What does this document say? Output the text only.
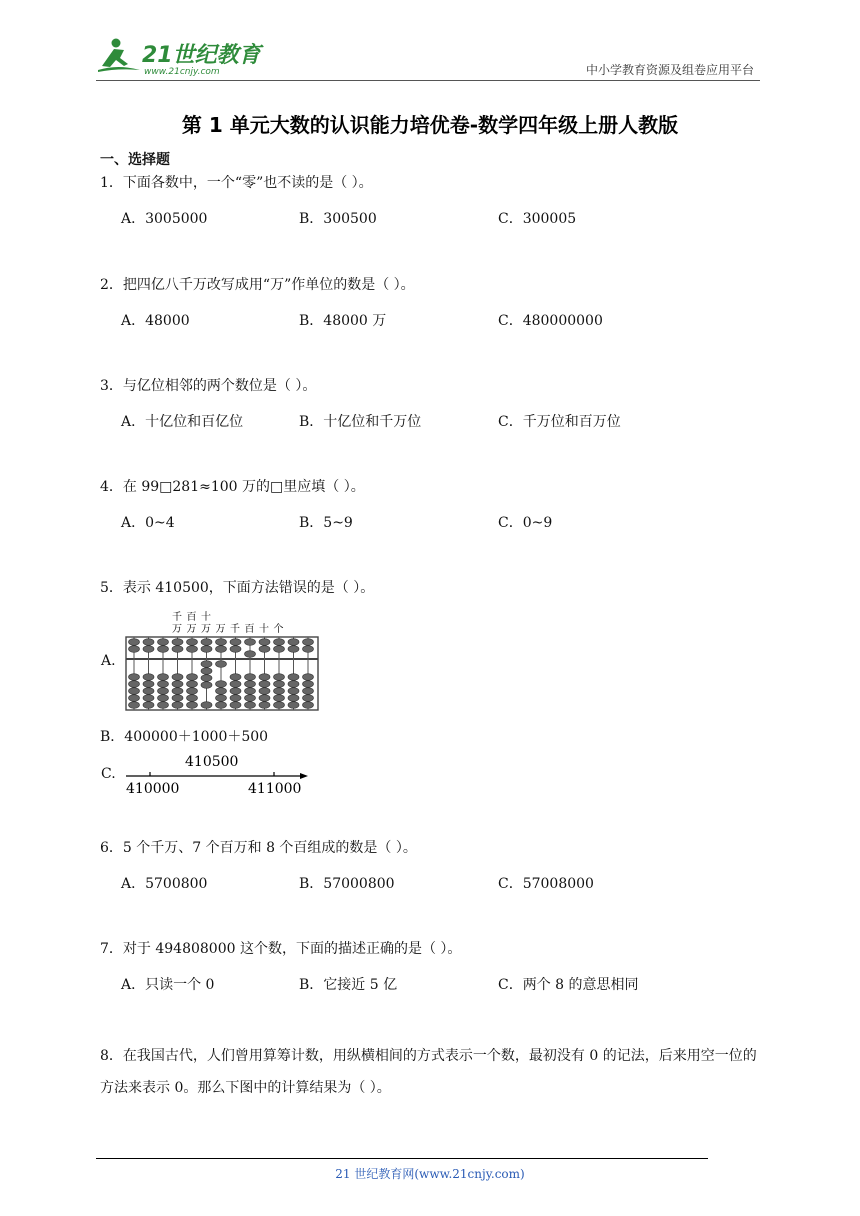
21世纪教育
www.21cnjy.com	中小学教育资源及组卷应用平台
第 1 单元大数的认识能力培优卷-数学四年级上册人教版
一、选择题
1．下面各数中，一个“零”也不读的是（ ）。
A．3005000	B．300500	C．300005
2．把四亿八千万改写成用“万”作单位的数是（ ）。
A．48000	B．48000 万	C．480000000
3．与亿位相邻的两个数位是（ ）。
A．十亿位和百亿位	B．十亿位和千万位	C．千万位和百万位
4．在 99□281≈100 万的□里应填（ ）。
A．0~4	B．5~9	C．0~9
5．表示 410500，下面方法错误的是（ ）。
A.
千 百 十
万 万 万 万 千 百 十 个
B．400000＋1000＋500
C.
410000	411000
410500
6．5 个千万、7 个百万和 8 个百组成的数是（ ）。
A．5700800	B．57000800	C．57008000
7．对于 494808000 这个数，下面的描述正确的是（ ）。
A．只读一个 0	B．它接近 5 亿	C．两个 8 的意思相同
8．在我国古代，人们曾用算筹计数，用纵横相间的方式表示一个数，最初没有 0 的记法，后来用空一位的方法来表示 0。那么下图中的计算结果为（ ）。
21 世纪教育网(www.21cnjy.com)
